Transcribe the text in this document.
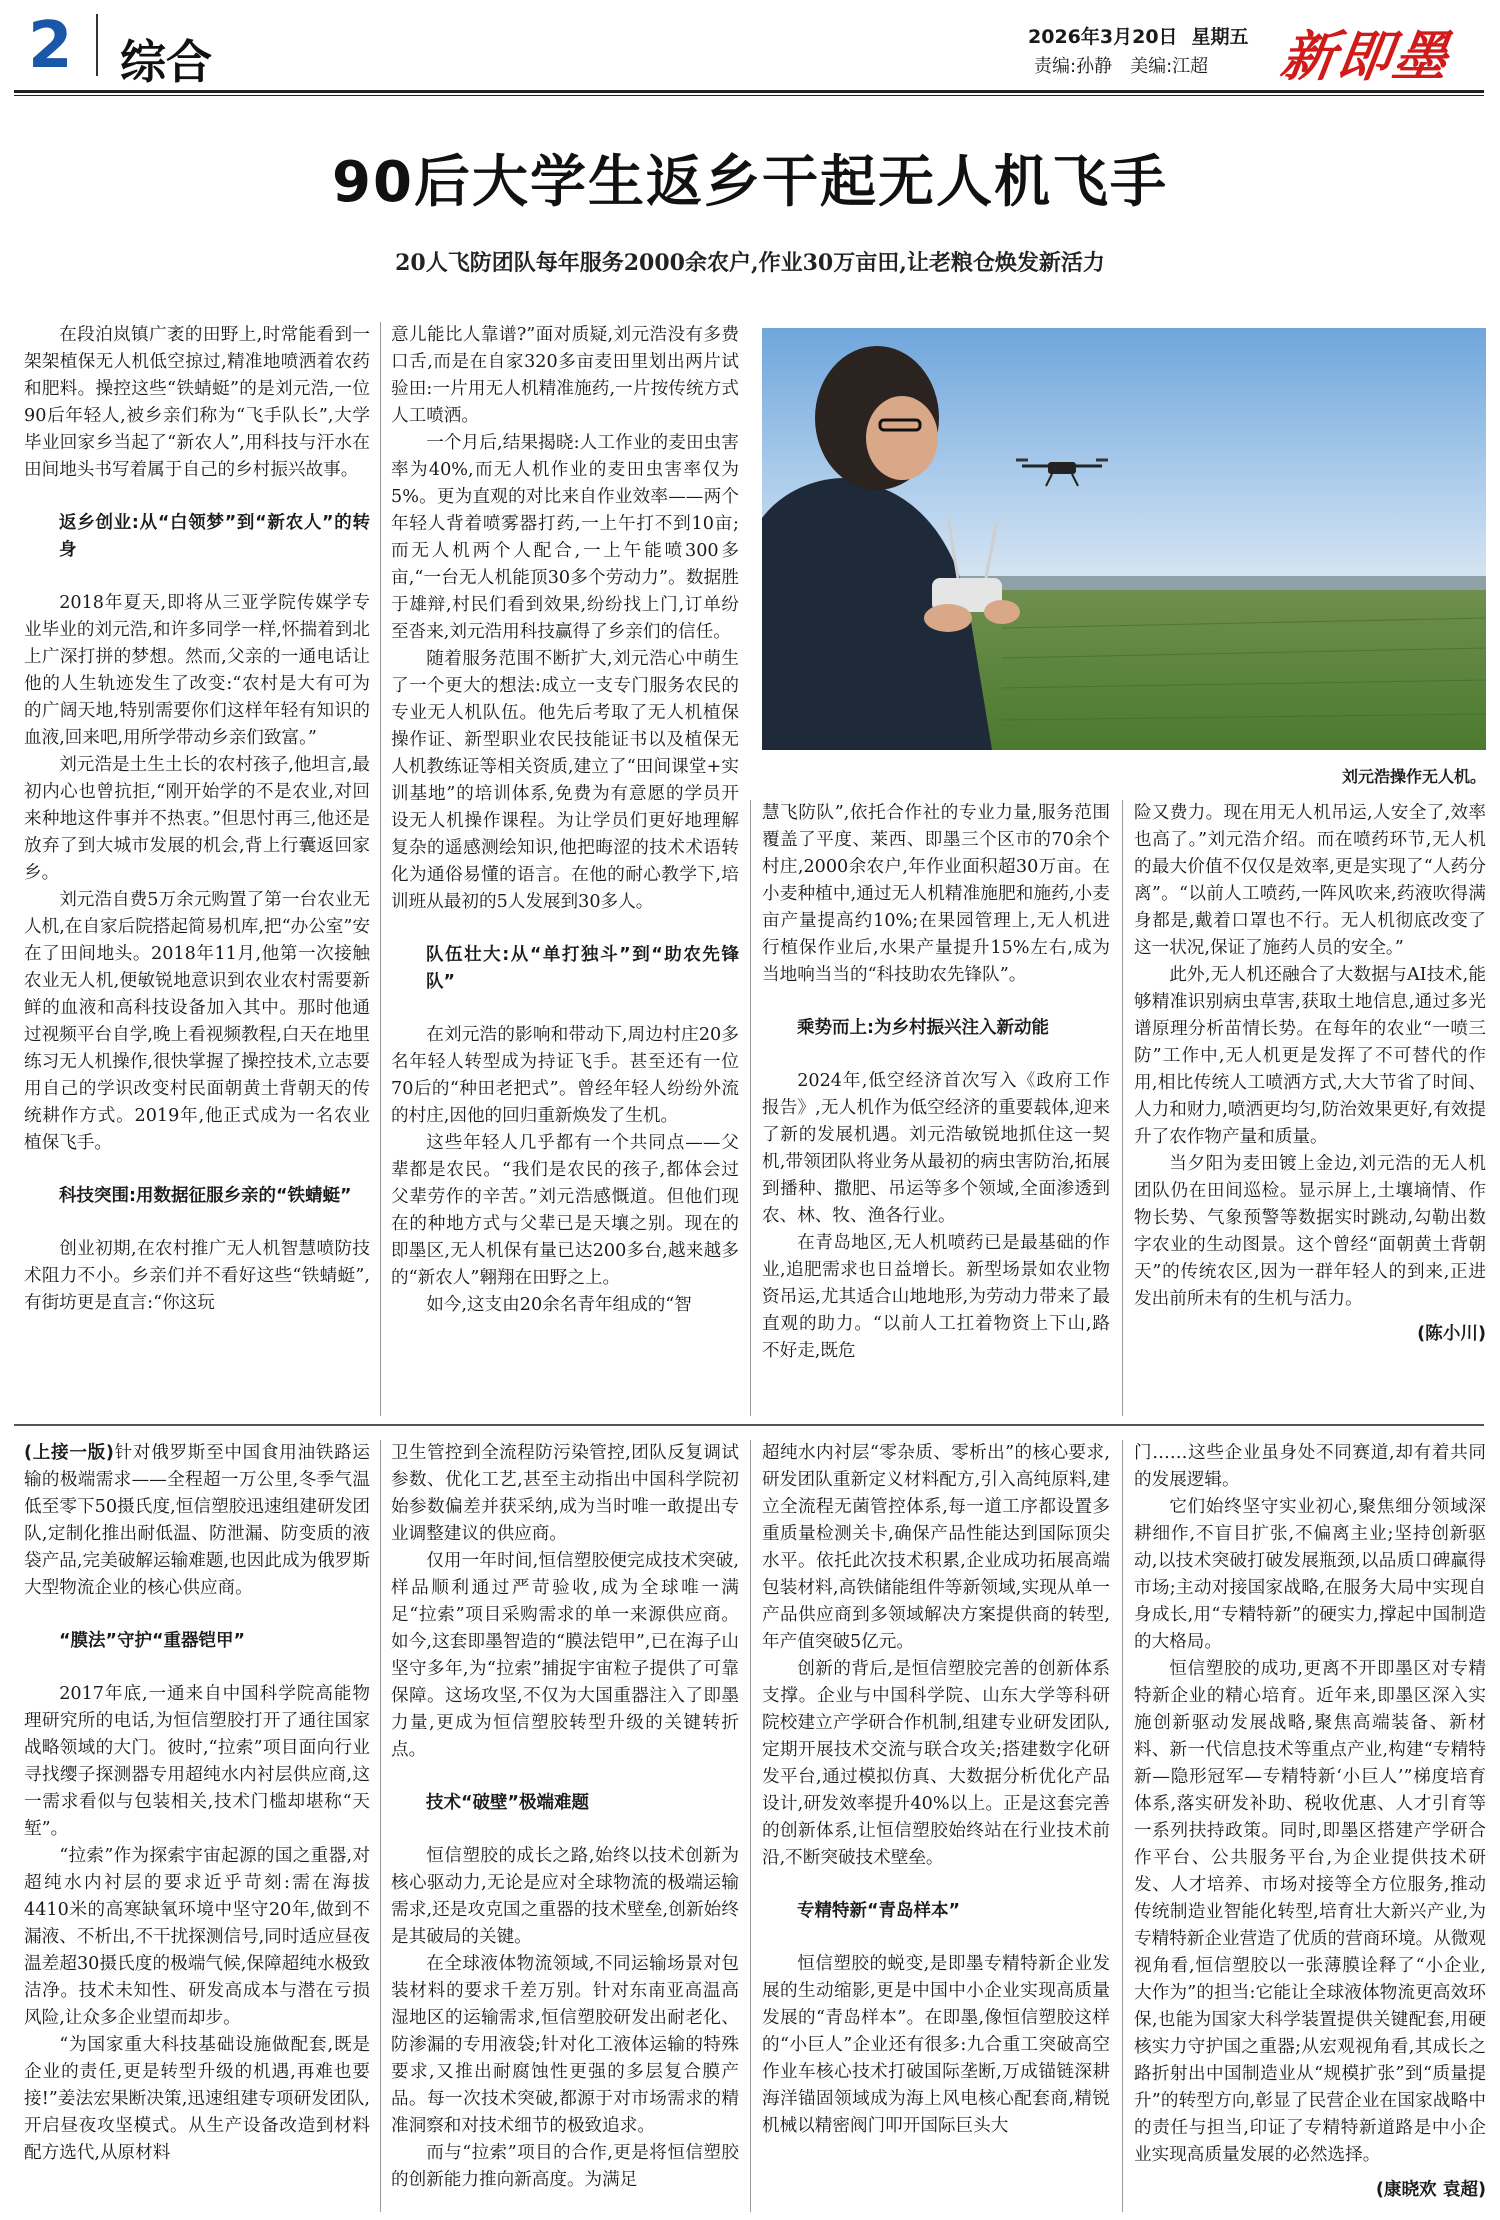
2 综合	2026年3月20日 星期五
责编:孙静 美编:江超	新即墨
90后大学生返乡干起无人机飞手
20人飞防团队每年服务2000余农户,作业30万亩田,让老粮仓焕发新活力

在段泊岚镇广袤的田野上,时常能看到一架架植保无人机低空掠过,精准地喷洒着农药和肥料。操控这些“铁蜻蜓”的是刘元浩,一位90后年轻人,被乡亲们称为“飞手队长”,大学毕业回家乡当起了“新农人”,用科技与汗水在田间地头书写着属于自己的乡村振兴故事。

返乡创业:从“白领梦”到“新农人”的转身

2018年夏天,即将从三亚学院传媒学专业毕业的刘元浩,和许多同学一样,怀揣着到北上广深打拼的梦想。然而,父亲的一通电话让他的人生轨迹发生了改变:“农村是大有可为的广阔天地,特别需要你们这样年轻有知识的血液,回来吧,用所学带动乡亲们致富。”

刘元浩是土生土长的农村孩子,他坦言,最初内心也曾抗拒,“刚开始学的不是农业,对回来种地这件事并不热衷。”但思忖再三,他还是放弃了到大城市发展的机会,背上行囊返回家乡。

刘元浩自费5万余元购置了第一台农业无人机,在自家后院搭起简易机库,把“办公室”安在了田间地头。2018年11月,他第一次接触农业无人机,便敏锐地意识到农业农村需要新鲜的血液和高科技设备加入其中。那时他通过视频平台自学,晚上看视频教程,白天在地里练习无人机操作,很快掌握了操控技术,立志要用自己的学识改变村民面朝黄土背朝天的传统耕作方式。2019年,他正式成为一名农业植保飞手。

科技突围:用数据征服乡亲的“铁蜻蜓”

创业初期,在农村推广无人机智慧喷防技术阻力不小。乡亲们并不看好这些“铁蜻蜓”,有街坊更是直言:“你这玩

意儿能比人靠谱?”面对质疑,刘元浩没有多费口舌,而是在自家320多亩麦田里划出两片试验田:一片用无人机精准施药,一片按传统方式人工喷洒。

一个月后,结果揭晓:人工作业的麦田虫害率为40%,而无人机作业的麦田虫害率仅为5%。更为直观的对比来自作业效率——两个年轻人背着喷雾器打药,一上午打不到10亩;而无人机两个人配合,一上午能喷300多亩,“一台无人机能顶30多个劳动力”。数据胜于雄辩,村民们看到效果,纷纷找上门,订单纷至沓来,刘元浩用科技赢得了乡亲们的信任。

随着服务范围不断扩大,刘元浩心中萌生了一个更大的想法:成立一支专门服务农民的专业无人机队伍。他先后考取了无人机植保操作证、新型职业农民技能证书以及植保无人机教练证等相关资质,建立了“田间课堂+实训基地”的培训体系,免费为有意愿的学员开设无人机操作课程。为让学员们更好地理解复杂的遥感测绘知识,他把晦涩的技术术语转化为通俗易懂的语言。在他的耐心教学下,培训班从最初的5人发展到30多人。

队伍壮大:从“单打独斗”到“助农先锋队”

在刘元浩的影响和带动下,周边村庄20多名年轻人转型成为持证飞手。甚至还有一位70后的“种田老把式”。曾经年轻人纷纷外流的村庄,因他的回归重新焕发了生机。

这些年轻人几乎都有一个共同点——父辈都是农民。“我们是农民的孩子,都体会过父辈劳作的辛苦。”刘元浩感慨道。但他们现在的种地方式与父辈已是天壤之别。现在的即墨区,无人机保有量已达200多台,越来越多的“新农人”翱翔在田野之上。

如今,这支由20余名青年组成的“智

慧飞防队”,依托合作社的专业力量,服务范围覆盖了平度、莱西、即墨三个区市的70余个村庄,2000余农户,年作业面积超30万亩。在小麦种植中,通过无人机精准施肥和施药,小麦亩产量提高约10%;在果园管理上,无人机进行植保作业后,水果产量提升15%左右,成为当地响当当的“科技助农先锋队”。

乘势而上:为乡村振兴注入新动能

2024年,低空经济首次写入《政府工作报告》,无人机作为低空经济的重要载体,迎来了新的发展机遇。刘元浩敏锐地抓住这一契机,带领团队将业务从最初的病虫害防治,拓展到播种、撒肥、吊运等多个领域,全面渗透到农、林、牧、渔各行业。

在青岛地区,无人机喷药已是最基础的作业,追肥需求也日益增长。新型场景如农业物资吊运,尤其适合山地地形,为劳动力带来了最直观的助力。“以前人工扛着物资上下山,路不好走,既危

险又费力。现在用无人机吊运,人安全了,效率也高了。”刘元浩介绍。而在喷药环节,无人机的最大价值不仅仅是效率,更是实现了“人药分离”。“以前人工喷药,一阵风吹来,药液吹得满身都是,戴着口罩也不行。无人机彻底改变了这一状况,保证了施药人员的安全。”

此外,无人机还融合了大数据与AI技术,能够精准识别病虫草害,获取土地信息,通过多光谱原理分析苗情长势。在每年的农业“一喷三防”工作中,无人机更是发挥了不可替代的作用,相比传统人工喷洒方式,大大节省了时间、人力和财力,喷洒更均匀,防治效果更好,有效提升了农作物产量和质量。

当夕阳为麦田镀上金边,刘元浩的无人机团队仍在田间巡检。显示屏上,土壤墒情、作物长势、气象预警等数据实时跳动,勾勒出数字农业的生动图景。这个曾经“面朝黄土背朝天”的传统农区,因为一群年轻人的到来,正进发出前所未有的生机与活力。

(陈小川)

刘元浩操作无人机。

(上接一版)针对俄罗斯至中国食用油铁路运输的极端需求——全程超一万公里,冬季气温低至零下50摄氏度,恒信塑胶迅速组建研发团队,定制化推出耐低温、防泄漏、防变质的液袋产品,完美破解运输难题,也因此成为俄罗斯大型物流企业的核心供应商。

“膜法”守护“重器铠甲”

2017年底,一通来自中国科学院高能物理研究所的电话,为恒信塑胶打开了通往国家战略领域的大门。彼时,“拉索”项目面向行业寻找缨子探测器专用超纯水内衬层供应商,这一需求看似与包装相关,技术门槛却堪称“天堑”。

“拉索”作为探索宇宙起源的国之重器,对超纯水内衬层的要求近乎苛刻:需在海拔4410米的高寒缺氧环境中坚守20年,做到不漏液、不析出,不干扰探测信号,同时适应昼夜温差超30摄氏度的极端气候,保障超纯水极致洁净。技术未知性、研发高成本与潜在亏损风险,让众多企业望而却步。

“为国家重大科技基础设施做配套,既是企业的责任,更是转型升级的机遇,再难也要接!”姜法宏果断决策,迅速组建专项研发团队,开启昼夜攻坚模式。从生产设备改造到材料配方选代,从原材料

卫生管控到全流程防污染管控,团队反复调试参数、优化工艺,甚至主动指出中国科学院初始参数偏差并获采纳,成为当时唯一敢提出专业调整建议的供应商。

仅用一年时间,恒信塑胶便完成技术突破,样品顺利通过严苛验收,成为全球唯一满足“拉索”项目采购需求的单一来源供应商。如今,这套即墨智造的“膜法铠甲”,已在海子山坚守多年,为“拉索”捕捉宇宙粒子提供了可靠保障。这场攻坚,不仅为大国重器注入了即墨力量,更成为恒信塑胶转型升级的关键转折点。

技术“破壁”极端难题

恒信塑胶的成长之路,始终以技术创新为核心驱动力,无论是应对全球物流的极端运输需求,还是攻克国之重器的技术壁垒,创新始终是其破局的关键。

在全球液体物流领域,不同运输场景对包装材料的要求千差万别。针对东南亚高温高湿地区的运输需求,恒信塑胶研发出耐老化、防渗漏的专用液袋;针对化工液体运输的特殊要求,又推出耐腐蚀性更强的多层复合膜产品。每一次技术突破,都源于对市场需求的精准洞察和对技术细节的极致追求。

而与“拉索”项目的合作,更是将恒信塑胶的创新能力推向新高度。为满足

超纯水内衬层“零杂质、零析出”的核心要求,研发团队重新定义材料配方,引入高纯原料,建立全流程无菌管控体系,每一道工序都设置多重质量检测关卡,确保产品性能达到国际顶尖水平。依托此次技术积累,企业成功拓展高端包装材料,高铁储能组件等新领域,实现从单一产品供应商到多领域解决方案提供商的转型,年产值突破5亿元。

创新的背后,是恒信塑胶完善的创新体系支撑。企业与中国科学院、山东大学等科研院校建立产学研合作机制,组建专业研发团队,定期开展技术交流与联合攻关;搭建数字化研发平台,通过模拟仿真、大数据分析优化产品设计,研发效率提升40%以上。正是这套完善的创新体系,让恒信塑胶始终站在行业技术前沿,不断突破技术壁垒。

专精特新“青岛样本”

恒信塑胶的蜕变,是即墨专精特新企业发展的生动缩影,更是中国中小企业实现高质量发展的“青岛样本”。在即墨,像恒信塑胶这样的“小巨人”企业还有很多:九合重工突破高空作业车核心技术打破国际垄断,万成锚链深耕海洋锚固领域成为海上风电核心配套商,精锐机械以精密阀门叩开国际巨头大

门……这些企业虽身处不同赛道,却有着共同的发展逻辑。

它们始终坚守实业初心,聚焦细分领域深耕细作,不盲目扩张,不偏离主业;坚持创新驱动,以技术突破打破发展瓶颈,以品质口碑赢得市场;主动对接国家战略,在服务大局中实现自身成长,用“专精特新”的硬实力,撑起中国制造的大格局。

恒信塑胶的成功,更离不开即墨区对专精特新企业的精心培育。近年来,即墨区深入实施创新驱动发展战略,聚焦高端装备、新材料、新一代信息技术等重点产业,构建“专精特新—隐形冠军—专精特新‘小巨人’”梯度培育体系,落实研发补助、税收优惠、人才引育等一系列扶持政策。同时,即墨区搭建产学研合作平台、公共服务平台,为企业提供技术研发、人才培养、市场对接等全方位服务,推动传统制造业智能化转型,培育壮大新兴产业,为专精特新企业营造了优质的营商环境。从微观视角看,恒信塑胶以一张薄膜诠释了“小企业,大作为”的担当:它能让全球液体物流更高效环保,也能为国家大科学装置提供关键配套,用硬核实力守护国之重器;从宏观视角看,其成长之路折射出中国制造业从“规模扩张”到“质量提升”的转型方向,彰显了民营企业在国家战略中的责任与担当,印证了专精特新道路是中小企业实现高质量发展的必然选择。

(康晓欢 袁超)
